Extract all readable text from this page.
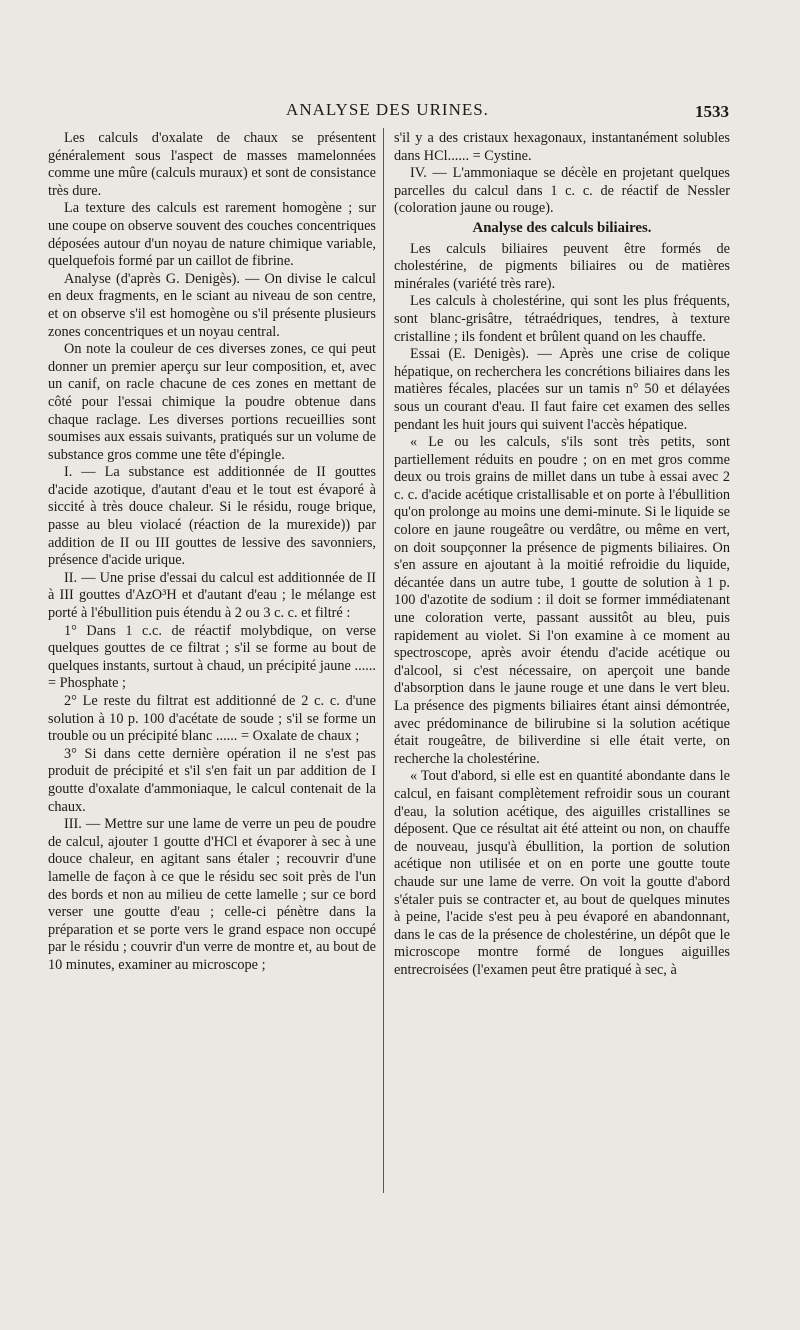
ANALYSE DES URINES.	1533

Les calculs d'oxalate de chaux se présentent généralement sous l'aspect de masses mamelonnées comme une mûre (calculs muraux) et sont de consistance très dure.

La texture des calculs est rarement homogène ; sur une coupe on observe souvent des couches concentriques déposées autour d'un noyau de nature chimique variable, quelquefois formé par un caillot de fibrine.

Analyse (d'après G. Denigès). — On divise le calcul en deux fragments, en le sciant au niveau de son centre, et on observe s'il est homogène ou s'il présente plusieurs zones concentriques et un noyau central.

On note la couleur de ces diverses zones, ce qui peut donner un premier aperçu sur leur composition, et, avec un canif, on racle chacune de ces zones en mettant de côté pour l'essai chimique la poudre obtenue dans chaque raclage. Les diverses portions recueillies sont soumises aux essais suivants, pratiqués sur un volume de substance gros comme une tête d'épingle.

I. — La substance est additionnée de II gouttes d'acide azotique, d'autant d'eau et le tout est évaporé à siccité à très douce chaleur. Si le résidu, rouge brique, passe au bleu violacé (réaction de la murexide)) par addition de II ou III gouttes de lessive des savonniers, présence d'acide urique.

II. — Une prise d'essai du calcul est additionnée de II à III gouttes d'AzO³H et d'autant d'eau ; le mélange est porté à l'ébullition puis étendu à 2 ou 3 c. c. et filtré :

1° Dans 1 c.c. de réactif molybdique, on verse quelques gouttes de ce filtrat ; s'il se forme au bout de quelques instants, surtout à chaud, un précipité jaune ...... = Phosphate ;

2° Le reste du filtrat est additionné de 2 c. c. d'une solution à 10 p. 100 d'acétate de soude ; s'il se forme un trouble ou un précipité blanc ...... = Oxalate de chaux ;

3° Si dans cette dernière opération il ne s'est pas produit de précipité et s'il s'en fait un par addition de I goutte d'oxalate d'ammoniaque, le calcul contenait de la chaux.

III. — Mettre sur une lame de verre un peu de poudre de calcul, ajouter 1 goutte d'HCl et évaporer à sec à une douce chaleur, en agitant sans étaler ; recouvrir d'une lamelle de façon à ce que le résidu sec soit près de l'un des bords et non au milieu de cette lamelle ; sur ce bord verser une goutte d'eau ; celle-ci pénètre dans la préparation et se porte vers le grand espace non occupé par le résidu ; couvrir d'un verre de montre et, au bout de 10 minutes, examiner au microscope ;

s'il y a des cristaux hexagonaux, instantanément solubles dans HCl...... = Cystine.

IV. — L'ammoniaque se décèle en projetant quelques parcelles du calcul dans 1 c. c. de réactif de Nessler (coloration jaune ou rouge).

Analyse des calculs biliaires.

Les calculs biliaires peuvent être formés de cholestérine, de pigments biliaires ou de matières minérales (variété très rare).

Les calculs à cholestérine, qui sont les plus fréquents, sont blanc-grisâtre, tétraédriques, tendres, à texture cristalline ; ils fondent et brûlent quand on les chauffe.

Essai (E. Denigès). — Après une crise de colique hépatique, on recherchera les concrétions biliaires dans les matières fécales, placées sur un tamis n° 50 et délayées sous un courant d'eau. Il faut faire cet examen des selles pendant les huit jours qui suivent l'accès hépatique.

« Le ou les calculs, s'ils sont très petits, sont partiellement réduits en poudre ; on en met gros comme deux ou trois grains de millet dans un tube à essai avec 2 c. c. d'acide acétique cristallisable et on porte à l'ébullition qu'on prolonge au moins une demi-minute. Si le liquide se colore en jaune rougeâtre ou verdâtre, ou même en vert, on doit soupçonner la présence de pigments biliaires. On s'en assure en ajoutant à la moitié refroidie du liquide, décantée dans un autre tube, 1 goutte de solution à 1 p. 100 d'azotite de sodium : il doit se former immédiatenant une coloration verte, passant aussitôt au bleu, puis rapidement au violet. Si l'on examine à ce moment au spectroscope, après avoir étendu d'acide acétique ou d'alcool, si c'est nécessaire, on aperçoit une bande d'absorption dans le jaune rouge et une dans le vert bleu. La présence des pigments biliaires étant ainsi démontrée, avec prédominance de bilirubine si la solution acétique était rougeâtre, de biliverdine si elle était verte, on recherche la cholestérine.

« Tout d'abord, si elle est en quantité abondante dans le calcul, en faisant complètement refroidir sous un courant d'eau, la solution acétique, des aiguilles cristallines se déposent. Que ce résultat ait été atteint ou non, on chauffe de nouveau, jusqu'à ébullition, la portion de solution acétique non utilisée et on en porte une goutte toute chaude sur une lame de verre. On voit la goutte d'abord s'étaler puis se contracter et, au bout de quelques minutes à peine, l'acide s'est peu à peu évaporé en abandonnant, dans le cas de la présence de cholestérine, un dépôt que le microscope montre formé de longues aiguilles entrecroisées (l'examen peut être pratiqué à sec, à
